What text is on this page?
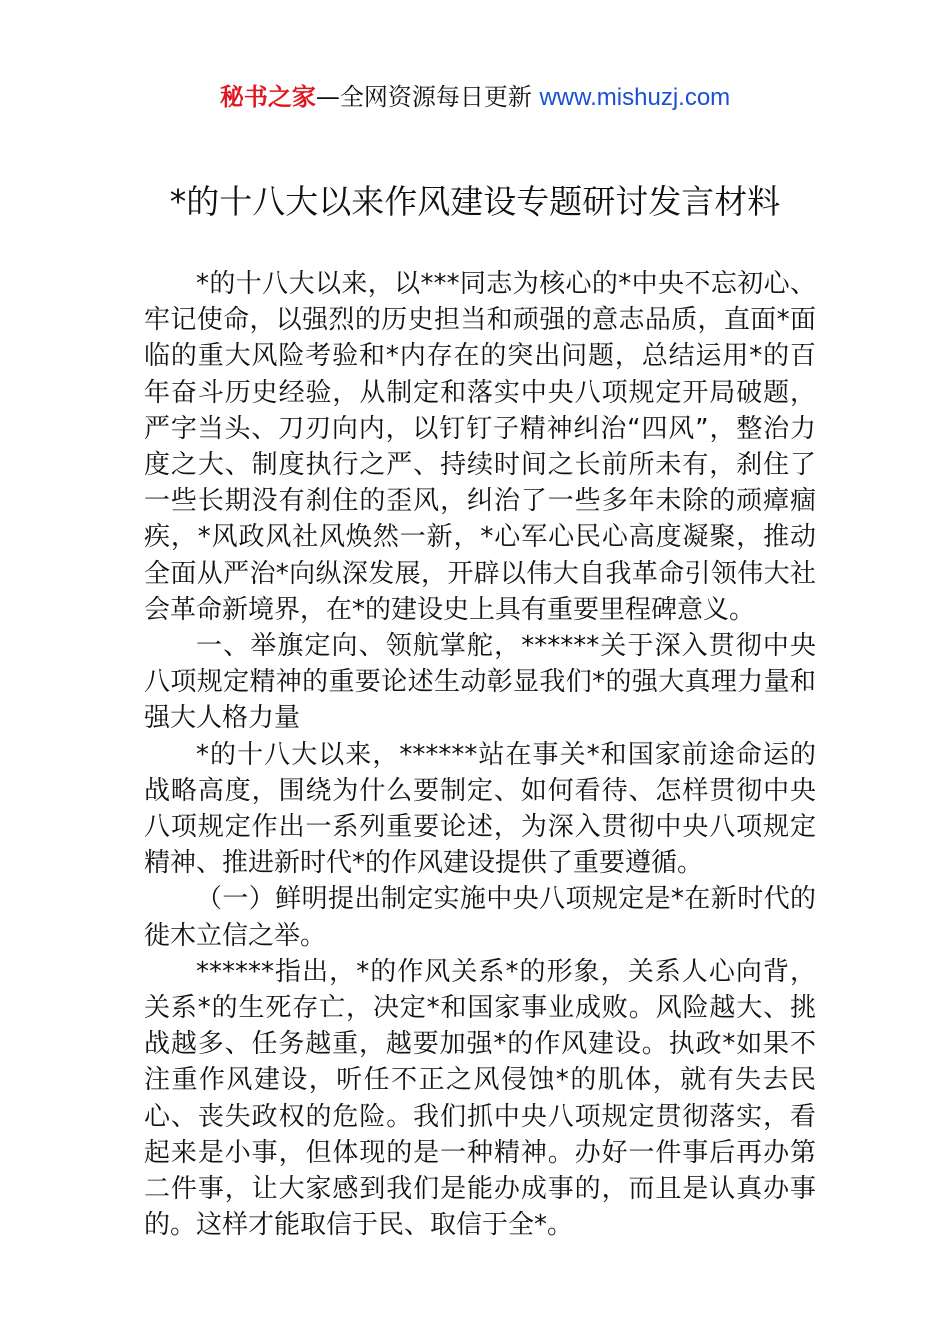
秘书之家—全网资源每日更新 www.mishuzj.com
*的十八大以来作风建设专题研讨发言材料

*的十八大以来，以***同志为核心的*中央不忘初心、牢记使命，以强烈的历史担当和顽强的意志品质，直面*面临的重大风险考验和*内存在的突出问题，总结运用*的百年奋斗历史经验，从制定和落实中央八项规定开局破题，严字当头、刀刃向内，以钉钉子精神纠治“四风”，整治力度之大、制度执行之严、持续时间之长前所未有，刹住了一些长期没有刹住的歪风，纠治了一些多年未除的顽瘴痼疾，*风政风社风焕然一新，*心军心民心高度凝聚，推动全面从严治*向纵深发展，开辟以伟大自我革命引领伟大社会革命新境界，在*的建设史上具有重要里程碑意义。

一、举旗定向、领航掌舵，******关于深入贯彻中央八项规定精神的重要论述生动彰显我们*的强大真理力量和强大人格力量

*的十八大以来，******站在事关*和国家前途命运的战略高度，围绕为什么要制定、如何看待、怎样贯彻中央八项规定作出一系列重要论述，为深入贯彻中央八项规定精神、推进新时代*的作风建设提供了重要遵循。

（一）鲜明提出制定实施中央八项规定是*在新时代的徙木立信之举。

******指出，*的作风关系*的形象，关系人心向背，关系*的生死存亡，决定*和国家事业成败。风险越大、挑战越多、任务越重，越要加强*的作风建设。执政*如果不注重作风建设，听任不正之风侵蚀*的肌体，就有失去民心、丧失政权的危险。我们抓中央八项规定贯彻落实，看起来是小事，但体现的是一种精神。办好一件事后再办第二件事，让大家感到我们是能办成事的，而且是认真办事的。这样才能取信于民、取信于全*。
